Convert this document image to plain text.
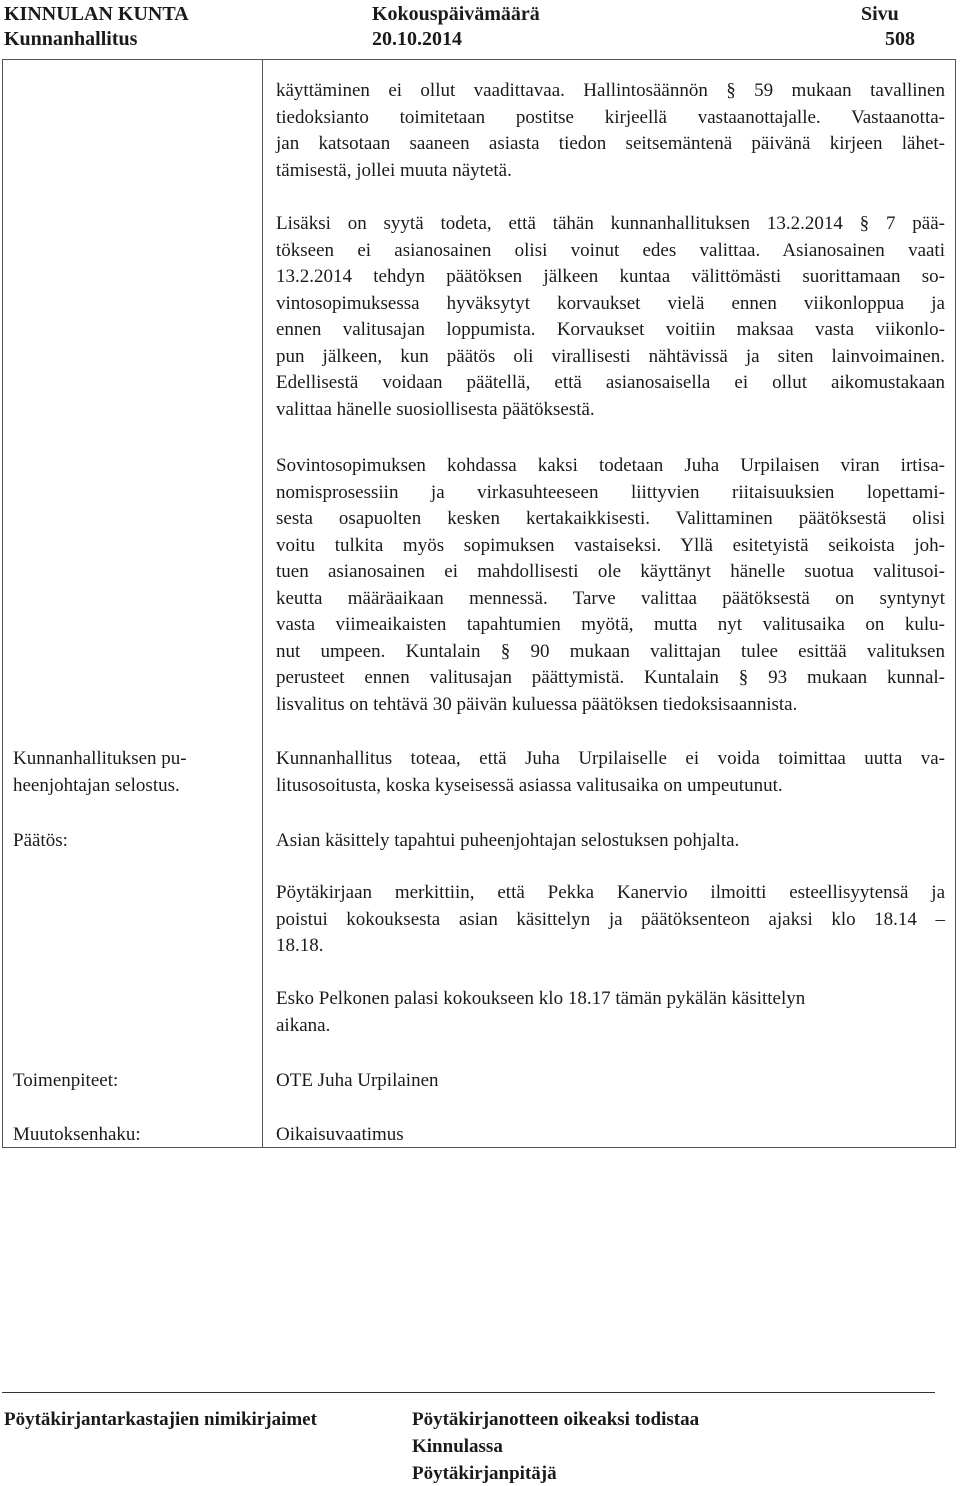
KINNULAN KUNTA
Kunnanhallitus
Kokouspäivämäärä
20.10.2014
Sivu
508
käyttäminen ei ollut vaadittavaa. Hallintosäännön § 59 mukaan tavallinen
tiedoksianto toimitetaan postitse kirjeellä vastaanottajalle. Vastaanotta-
jan katsotaan saaneen asiasta tiedon seitsemäntenä päivänä kirjeen lähet-
tämisestä, jollei muuta näytetä.
Lisäksi on syytä todeta, että tähän kunnanhallituksen 13.2.2014 § 7 pää-
tökseen ei asianosainen olisi voinut edes valittaa. Asianosainen vaati
13.2.2014 tehdyn päätöksen jälkeen kuntaa välittömästi suorittamaan so-
vintosopimuksessa hyväksytyt korvaukset vielä ennen viikonloppua ja
ennen valitusajan loppumista. Korvaukset voitiin maksaa vasta viikonlo-
pun jälkeen, kun päätös oli virallisesti nähtävissä ja siten lainvoimainen.
Edellisestä voidaan päätellä, että asianosaisella ei ollut aikomustakaan
valittaa hänelle suosiollisesta päätöksestä.
Sovintosopimuksen kohdassa kaksi todetaan Juha Urpilaisen viran irtisa-
nomisprosessiin ja virkasuhteeseen liittyvien riitaisuuksien lopettami-
sesta osapuolten kesken kertakaikkisesti. Valittaminen päätöksestä olisi
voitu tulkita myös sopimuksen vastaiseksi. Yllä esitetyistä seikoista joh-
tuen asianosainen ei mahdollisesti ole käyttänyt hänelle suotua valitusoi-
keutta määräaikaan mennessä. Tarve valittaa päätöksestä on syntynyt
vasta viimeaikaisten tapahtumien myötä, mutta nyt valitusaika on kulu-
nut umpeen. Kuntalain § 90 mukaan valittajan tulee esittää valituksen
perusteet ennen valitusajan päättymistä. Kuntalain § 93 mukaan kunnal-
lisvalitus on tehtävä 30 päivän kuluessa päätöksen tiedoksisaannista.
Kunnanhallituksen pu-
heenjohtajan selostus.
Kunnanhallitus toteaa, että Juha Urpilaiselle ei voida toimittaa uutta va-
litusosoitusta, koska kyseisessä asiassa valitusaika on umpeutunut.
Päätös:	Asian käsittely tapahtui puheenjohtajan selostuksen pohjalta.
Pöytäkirjaan merkittiin, että Pekka Kanervio ilmoitti esteellisyytensä ja
poistui kokouksesta asian käsittelyn ja päätöksenteon ajaksi klo 18.14 –
18.18.
Esko Pelkonen palasi kokoukseen klo 18.17 tämän pykälän käsittelyn
aikana.
Toimenpiteet:	OTE Juha Urpilainen
Muutoksenhaku:	Oikaisuvaatimus
Pöytäkirjantarkastajien nimikirjaimet	Pöytäkirjanotteen oikeaksi todistaa
Kinnulassa
Pöytäkirjanpitäjä
